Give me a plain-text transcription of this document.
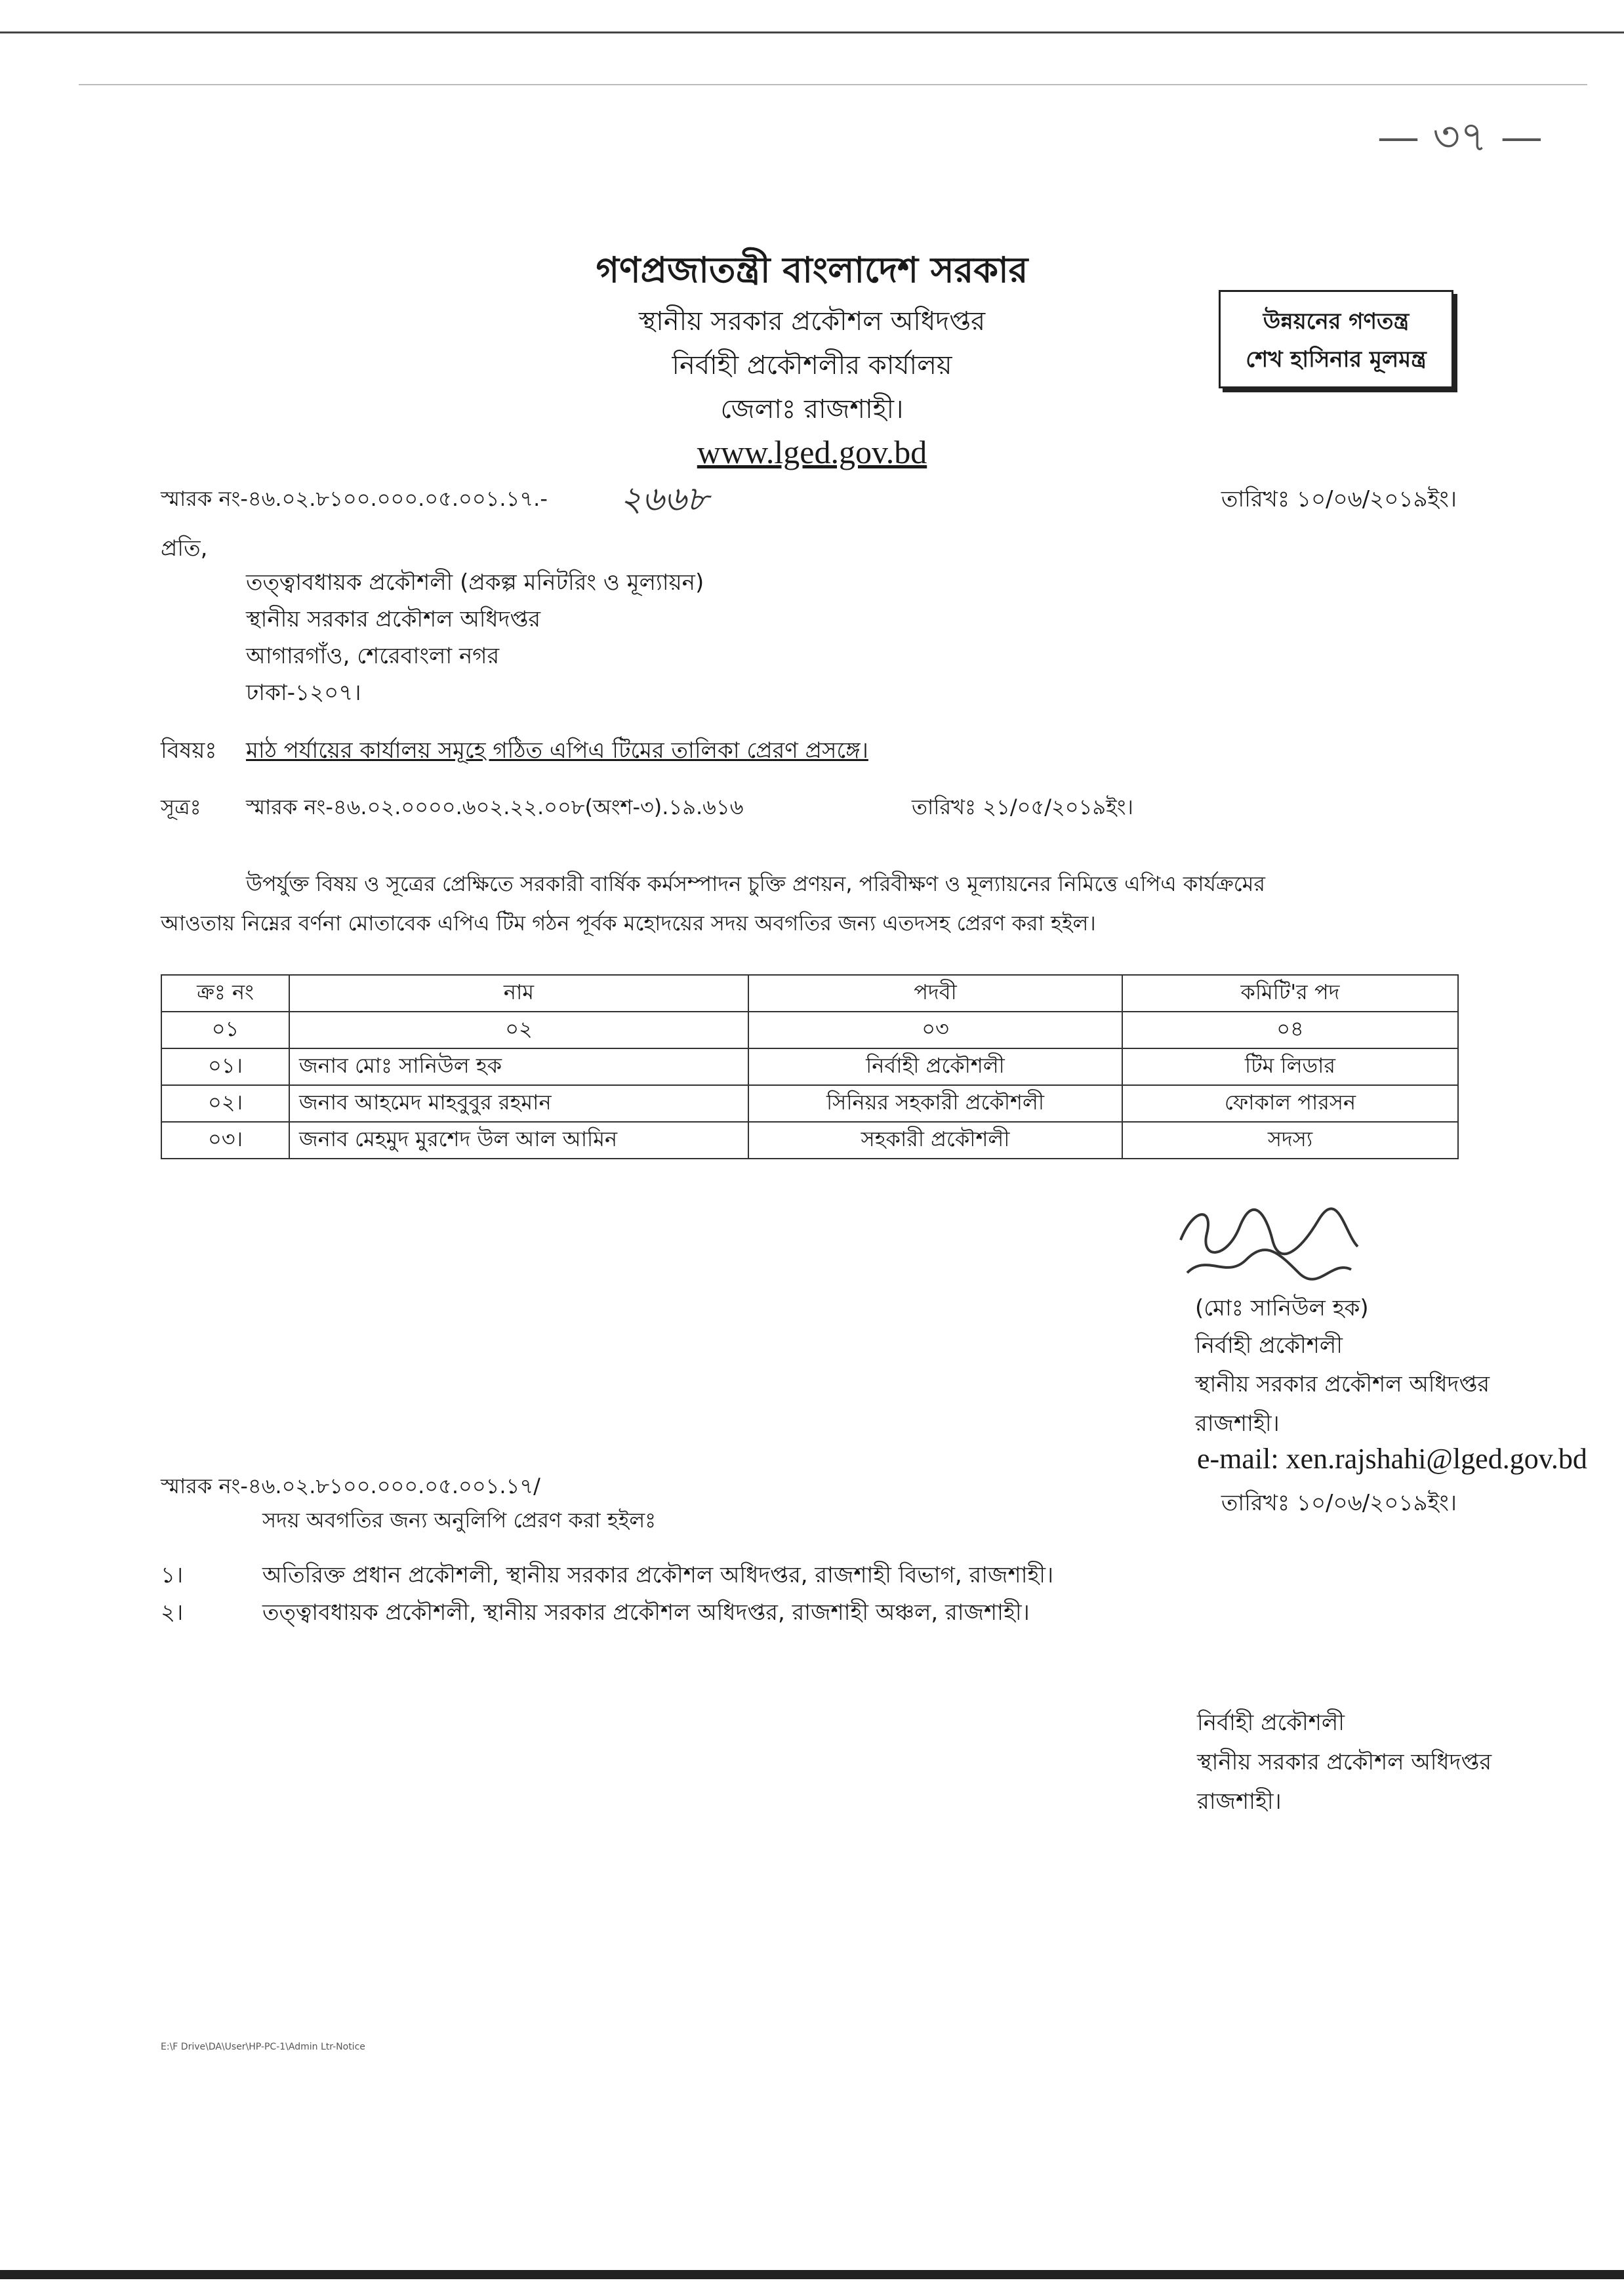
— ৩৭ —
গণপ্রজাতন্ত্রী বাংলাদেশ সরকার
স্থানীয় সরকার প্রকৌশল অধিদপ্তর
নির্বাহী প্রকৌশলীর কার্যালয়
জেলাঃ রাজশাহী।
www.lged.gov.bd
উন্নয়নের গণতন্ত্র
শেখ হাসিনার মূলমন্ত্র
স্মারক নং-৪৬.০২.৮১০০.০০০.০৫.০০১.১৭.- ২৬৬৮	তারিখঃ ১০/০৬/২০১৯ইং।
প্রতি,
তত্ত্বাবধায়ক প্রকৌশলী (প্রকল্প মনিটরিং ও মূল্যায়ন)
স্থানীয় সরকার প্রকৌশল অধিদপ্তর
আগারগাঁও, শেরেবাংলা নগর
ঢাকা-১২০৭।
বিষয়ঃ মাঠ পর্যায়ের কার্যালয় সমূহে গঠিত এপিএ টিমের তালিকা প্রেরণ প্রসঙ্গে।
সূত্রঃ স্মারক নং-৪৬.০২.০০০০.৬০২.২২.০০৮(অংশ-৩).১৯.৬১৬	তারিখঃ ২১/০৫/২০১৯ইং।
উপর্যুক্ত বিষয় ও সূত্রের প্রেক্ষিতে সরকারী বার্ষিক কর্মসম্পাদন চুক্তি প্রণয়ন, পরিবীক্ষণ ও মূল্যায়নের নিমিত্তে এপিএ কার্যক্রমের
আওতায় নিম্নের বর্ণনা মোতাবেক এপিএ টিম গঠন পূর্বক মহোদয়ের সদয় অবগতির জন্য এতদসহ প্রেরণ করা হইল।
ক্রঃ নং	নাম	পদবী	কমিটি'র পদ
০১	০২	০৩	০৪
০১।	জনাব মোঃ সানিউল হক	নির্বাহী প্রকৌশলী	টিম লিডার
০২।	জনাব আহমেদ মাহবুবুর রহমান	সিনিয়র সহকারী প্রকৌশলী	ফোকাল পারসন
০৩।	জনাব মেহমুদ মুরশেদ উল আল আমিন	সহকারী প্রকৌশলী	সদস্য
(মোঃ সানিউল হক)
নির্বাহী প্রকৌশলী
স্থানীয় সরকার প্রকৌশল অধিদপ্তর
রাজশাহী।
e-mail: xen.rajshahi@lged.gov.bd
স্মারক নং-৪৬.০২.৮১০০.০০০.০৫.০০১.১৭/
তারিখঃ ১০/০৬/২০১৯ইং।
সদয় অবগতির জন্য অনুলিপি প্রেরণ করা হইলঃ
১।	অতিরিক্ত প্রধান প্রকৌশলী, স্থানীয় সরকার প্রকৌশল অধিদপ্তর, রাজশাহী বিভাগ, রাজশাহী।
২।	তত্ত্বাবধায়ক প্রকৌশলী, স্থানীয় সরকার প্রকৌশল অধিদপ্তর, রাজশাহী অঞ্চল, রাজশাহী।
নির্বাহী প্রকৌশলী
স্থানীয় সরকার প্রকৌশল অধিদপ্তর
রাজশাহী।
E:\F Drive\DA\User\HP-PC-1\Admin Ltr-Notice
